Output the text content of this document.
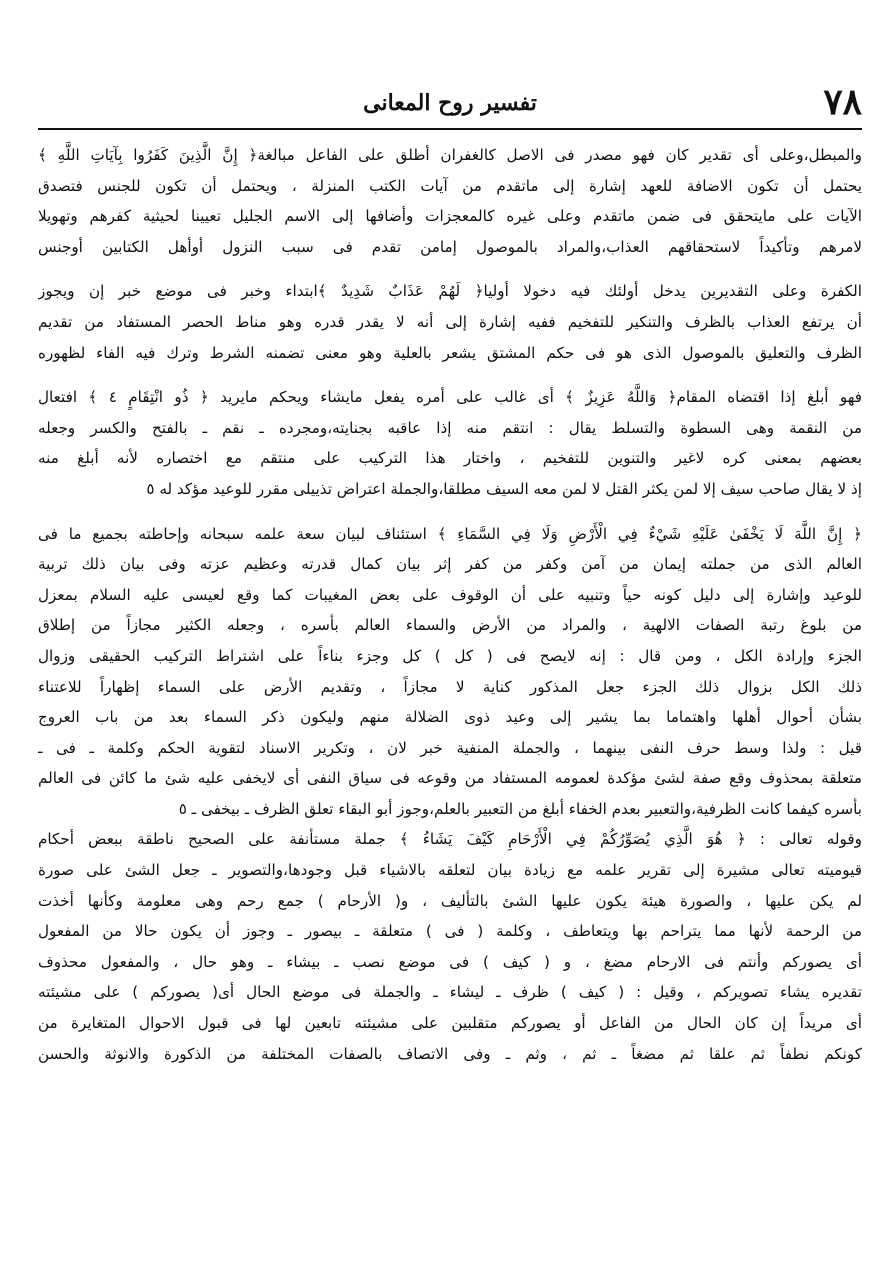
٧٨
تفسير روح المعانى
والمبطل،وعلى أى تقدير كان فهو مصدر فى الاصل كالغفران أطلق على الفاعل مبالغة﴿ إِنَّ الَّذِينَ كَفَرُوا بِآيَاتِ اللَّهِ ﴾
يحتمل أن تكون الاضافة للعهد إشارة إلى ماتقدم من آيات الكتب المنزلة ، ويحتمل أن تكون للجنس فتصدق
الآيات على مايتحقق فى ضمن ماتقدم وعلى غيره كالمعجزات وأضافها إلى الاسم الجليل تعيينا لحيثية كفرهم وتهويلا
لامرهم وتأكيداً لاستحقاقهم العذاب،والمراد بالموصول إمامن تقدم فى سبب النزول أوأهل الكتابين أوجنس
الكفرة وعلى التقديرين يدخل أولئك فيه دخولا أوليا﴿ لَهُمْ عَذَابٌ شَدِيدٌ ﴾ابتداء وخبر فى موضع خبر إن ويجوز
أن يرتفع العذاب بالظرف والتنكير للتفخيم ففيه إشارة إلى أنه لا يقدر قدره وهو مناط الحصر المستفاد من تقديم
الظرف والتعليق بالموصول الذى هو فى حكم المشتق يشعر بالعلية وهو معنى تضمنه الشرط وترك فيه الفاء لظهوره
فهو أبلغ إذا اقتضاه المقام﴿ وَاللَّهُ عَزِيزٌ ﴾ أى غالب على أمره يفعل مايشاء ويحكم مايريد ﴿ ذُو انْتِقَامٍ ٤ ﴾ افتعال
من النقمة وهى السطوة والتسلط يقال : انتقم منه إذا عاقبه بجنايته،ومجرده ـ نقم ـ بالفتح والكسر وجعله
بعضهم بمعنى كره لاغير والتنوين للتفخيم ، واختار هذا التركيب على منتقم مع اختصاره لأنه أبلغ منه
إذ لا يقال صاحب سيف إلا لمن يكثر القتل لا لمن معه السيف مطلقا،والجملة اعتراض تذييلى مقرر للوعيد مؤكد له ٥
﴿ إِنَّ اللَّهَ لَا يَخْفَىٰ عَلَيْهِ شَيْءٌ فِي الْأَرْضِ وَلَا فِي السَّمَاءِ ﴾ استئناف لبيان سعة علمه سبحانه وإحاطته بجميع ما فى
العالم الذى من جملته إيمان من آمن وكفر من كفر إثر بيان كمال قدرته وعظيم عزته وفى بيان ذلك تربية
للوعيد وإشارة إلى دليل كونه حياً وتنبيه على أن الوقوف على بعض المغيبات كما وقع لعيسى عليه السلام بمعزل
من بلوغ رتبة الصفات الالهية ، والمراد من الأرض والسماء العالم بأسره ، وجعله الكثير مجازاً من إطلاق
الجزء وإرادة الكل ، ومن قال : إنه لايصح فى ( كل ) كل وجزء بناءاً على اشتراط التركيب الحقيقى وزوال
ذلك الكل بزوال ذلك الجزء جعل المذكور كناية لا مجازاً ، وتقديم الأرض على السماء إظهاراً للاعتناء
بشأن أحوال أهلها واهتماما بما يشير إلى وعيد ذوى الضلالة منهم وليكون ذكر السماء بعد من باب العروج
قيل : ولذا وسط حرف النفى بينهما ، والجملة المنفية خبر لان ، وتكرير الاسناد لتقوية الحكم وكلمة ـ فى ـ
متعلقة بمحذوف وقع صفة لشئ مؤكدة لعمومه المستفاد من وقوعه فى سياق النفى أى لايخفى عليه شئ ما كائن فى العالم
بأسره كيفما كانت الظرفية،والتعبير بعدم الخفاء أبلغ من التعبير بالعلم،وجوز أبو البقاء تعلق الظرف ـ بيخفى ـ ٥
وقوله تعالى : ﴿ هُوَ الَّذِي يُصَوِّرُكُمْ فِي الْأَرْحَامِ كَيْفَ يَشَاءُ ﴾ جملة مستأنفة على الصحيح ناطقة ببعض أحكام
قيوميته تعالى مشيرة إلى تقرير علمه مع زيادة بيان لتعلقه بالاشياء قبل وجودها،والتصوير ـ جعل الشئ على صورة
لم يكن عليها ، والصورة هيئة يكون عليها الشئ بالتأليف ، و( الأرحام ) جمع رحم وهى معلومة وكأنها أخذت
من الرحمة لأنها مما يتراحم بها ويتعاطف ، وكلمة ( فى ) متعلقة ـ بيصور ـ وجوز أن يكون حالا من المفعول
أى يصوركم وأنتم فى الارحام مضغ ، و ( كيف ) فى موضع نصب ـ بيشاء ـ وهو حال ، والمفعول محذوف
تقديره يشاء تصويركم ، وقيل : ( كيف ) ظرف ـ ليشاء ـ والجملة فى موضع الحال أى( يصوركم ) على مشيئته
أى مريداً إن كان الحال من الفاعل أو يصوركم متقلبين على مشيئته تابعين لها فى قبول الاحوال المتغايرة من
كونكم نطفاً ثم علقا ثم مضغاً ـ ثم ، وثم ـ وفى الاتصاف بالصفات المختلفة من الذكورة والانوثة والحسن
